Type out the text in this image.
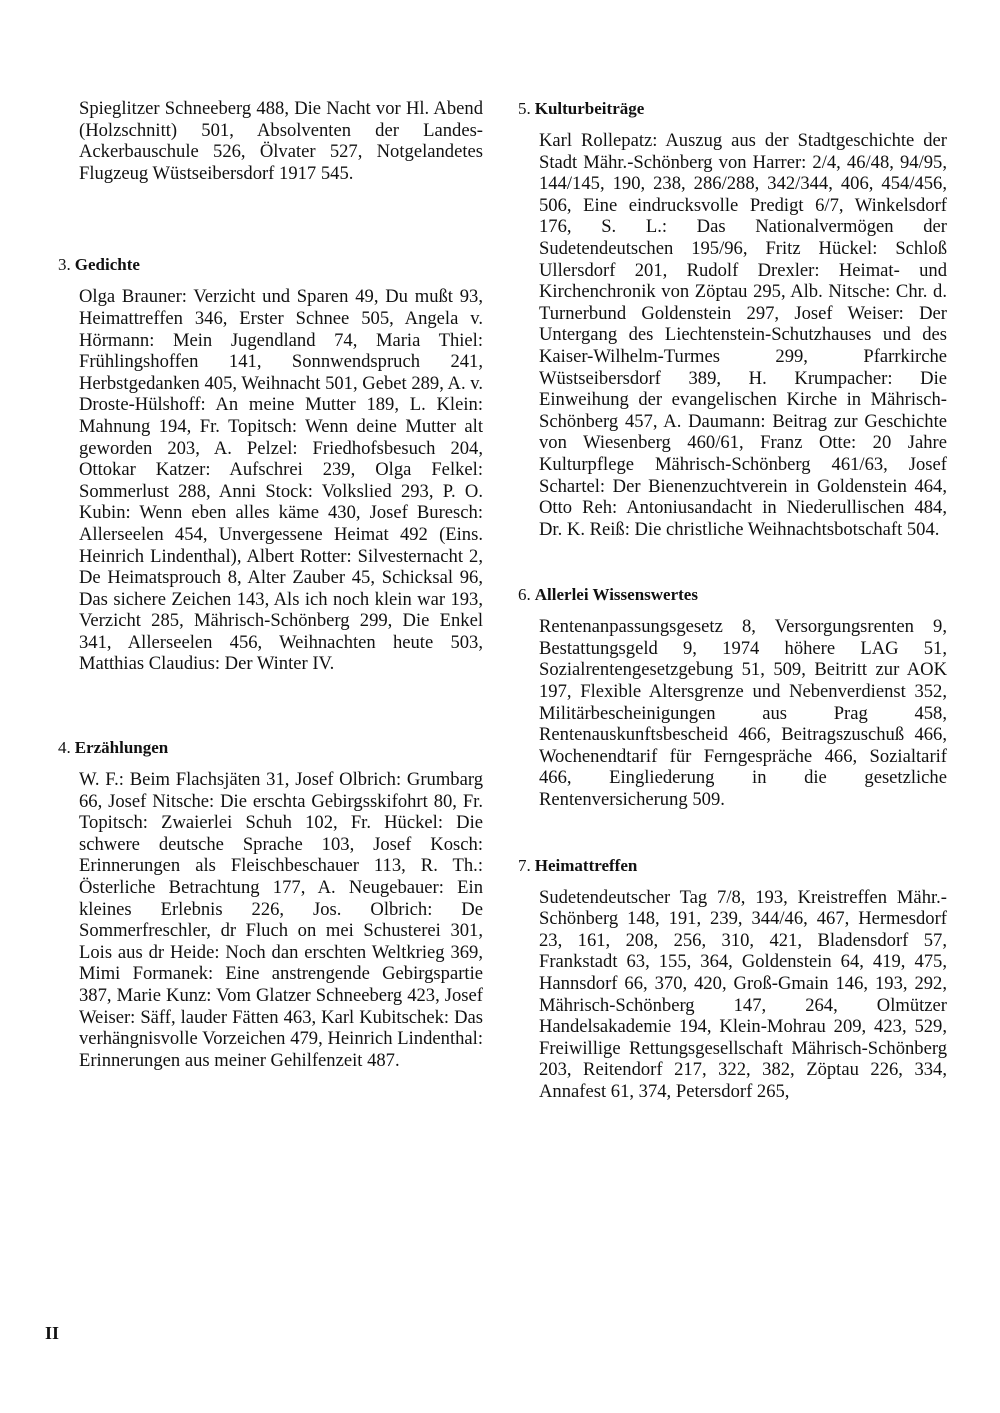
Spieglitzer Schneeberg 488, Die Nacht vor Hl. Abend (Holzschnitt) 501, Absolventen der Landes-Ackerbauschule 526, Ölvater 527, Notgelandetes Flugzeug Wüstseibersdorf 1917 545.
3. Gedichte
Olga Brauner: Verzicht und Sparen 49, Du mußt 93, Heimattreffen 346, Erster Schnee 505, Angela v. Hörmann: Mein Jugendland 74, Maria Thiel: Frühlingshoffen 141, Sonnwendspruch 241, Herbstgedanken 405, Weihnacht 501, Gebet 289, A. v. Droste-Hülshoff: An meine Mutter 189, L. Klein: Mahnung 194, Fr. Topitsch: Wenn deine Mutter alt geworden 203, A. Pelzel: Friedhofsbesuch 204, Ottokar Katzer: Aufschrei 239, Olga Felkel: Sommerlust 288, Anni Stock: Volkslied 293, P. O. Kubin: Wenn eben alles käme 430, Josef Buresch: Allerseelen 454, Unvergessene Heimat 492 (Eins. Heinrich Lindenthal), Albert Rotter: Silvesternacht 2, De Heimatsprouch 8, Alter Zauber 45, Schicksal 96, Das sichere Zeichen 143, Als ich noch klein war 193, Verzicht 285, Mährisch-Schönberg 299, Die Enkel 341, Allerseelen 456, Weihnachten heute 503, Matthias Claudius: Der Winter IV.
4. Erzählungen
W. F.: Beim Flachsjäten 31, Josef Olbrich: Grumbarg 66, Josef Nitsche: Die erschta Gebirgsskifohrt 80, Fr. Topitsch: Zwaierlei Schuh 102, Fr. Hückel: Die schwere deutsche Sprache 103, Josef Kosch: Erinnerungen als Fleischbeschauer 113, R. Th.: Österliche Betrachtung 177, A. Neugebauer: Ein kleines Erlebnis 226, Jos. Olbrich: De Sommerfreschler, dr Fluch on mei Schusterei 301, Lois aus dr Heide: Noch dan erschten Weltkrieg 369, Mimi Formanek: Eine anstrengende Gebirgspartie 387, Marie Kunz: Vom Glatzer Schneeberg 423, Josef Weiser: Säff, lauder Fätten 463, Karl Kubitschek: Das verhängnisvolle Vorzeichen 479, Heinrich Lindenthal: Erinnerungen aus meiner Gehilfenzeit 487.
5. Kulturbeiträge
Karl Rollepatz: Auszug aus der Stadtgeschichte der Stadt Mähr.-Schönberg von Harrer: 2/4, 46/48, 94/95, 144/145, 190, 238, 286/288, 342/344, 406, 454/456, 506, Eine eindrucksvolle Predigt 6/7, Winkelsdorf 176, S. L.: Das Nationalvermögen der Sudetendeutschen 195/96, Fritz Hückel: Schloß Ullersdorf 201, Rudolf Drexler: Heimat- und Kirchenchronik von Zöptau 295, Alb. Nitsche: Chr. d. Turnerbund Goldenstein 297, Josef Weiser: Der Untergang des Liechtenstein-Schutzhauses und des Kaiser-Wilhelm-Turmes 299, Pfarrkirche Wüstseibersdorf 389, H. Krumpacher: Die Einweihung der evangelischen Kirche in Mährisch-Schönberg 457, A. Daumann: Beitrag zur Geschichte von Wiesenberg 460/61, Franz Otte: 20 Jahre Kulturpflege Mährisch-Schönberg 461/63, Josef Schartel: Der Bienenzuchtverein in Goldenstein 464, Otto Reh: Antoniusandacht in Niederullischen 484, Dr. K. Reiß: Die christliche Weihnachtsbotschaft 504.
6. Allerlei Wissenswertes
Rentenanpassungsgesetz 8, Versorgungsrenten 9, Bestattungsgeld 9, 1974 höhere LAG 51, Sozialrentengesetzgebung 51, 509, Beitritt zur AOK 197, Flexible Altersgrenze und Nebenverdienst 352, Militärbescheinigungen aus Prag 458, Rentenauskunftsbescheid 466, Beitragszuschuß 466, Wochenendtarif für Ferngespräche 466, Sozialtarif 466, Eingliederung in die gesetzliche Rentenversicherung 509.
7. Heimattreffen
Sudetendeutscher Tag 7/8, 193, Kreistreffen Mähr.-Schönberg 148, 191, 239, 344/46, 467, Hermesdorf 23, 161, 208, 256, 310, 421, Bladensdorf 57, Frankstadt 63, 155, 364, Goldenstein 64, 419, 475, Hannsdorf 66, 370, 420, Groß-Gmain 146, 193, 292, Mährisch-Schönberg 147, 264, Olmützer Handelsakademie 194, Klein-Mohrau 209, 423, 529, Freiwillige Rettungsgesellschaft Mährisch-Schönberg 203, Reitendorf 217, 322, 382, Zöptau 226, 334, Annafest 61, 374, Petersdorf 265,
II
